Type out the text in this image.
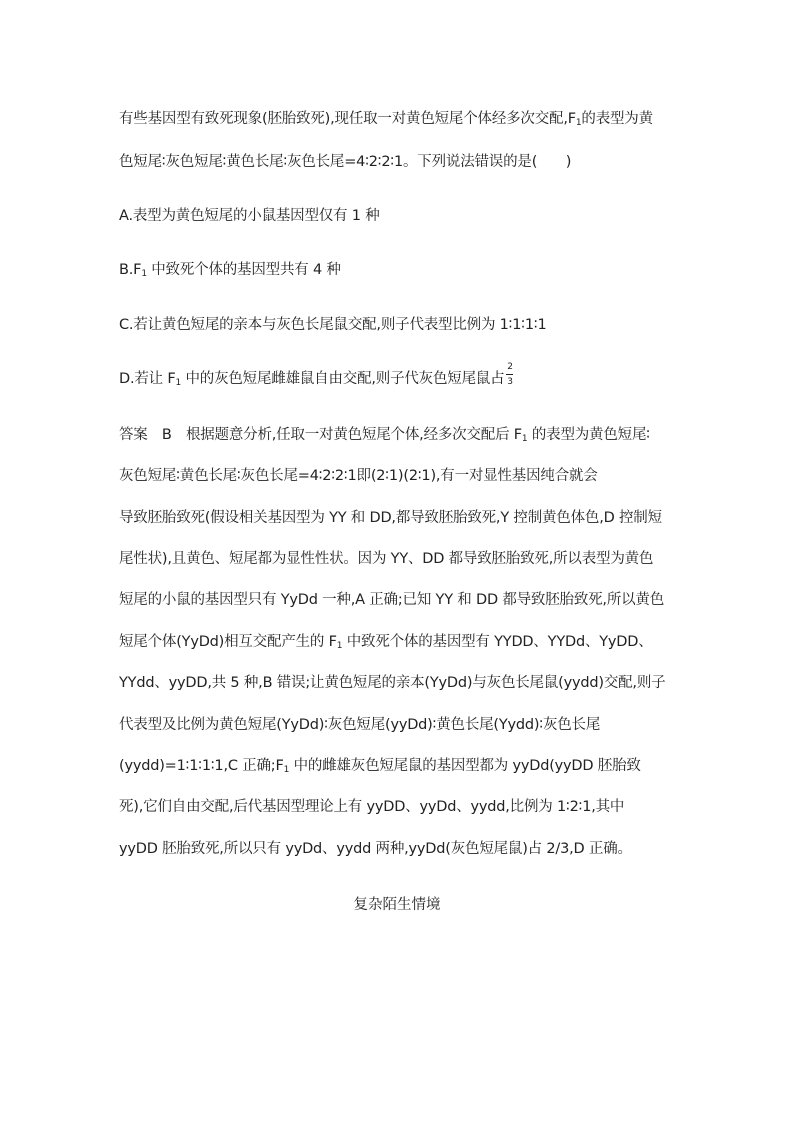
有些基因型有致死现象(胚胎致死),现任取一对黄色短尾个体经多次交配$,F_1$的表型为黄
色短尾∶灰色短尾∶黄色长尾∶灰色长尾=4∶2∶2∶1。下列说法错误的是(　　)
A.表型为黄色短尾的小鼠基因型仅有 1 种
$B.F_1$ 中致死个体的基因型共有 4 种
C.若让黄色短尾的亲本与灰色长尾鼠交配,则子代表型比例为 1∶1∶1∶1
D.若让 $F_1$ 中的灰色短尾雌雄鼠自由交配,则子代灰色短尾鼠占 $\frac{2}{3}$
答案　B　根据题意分析,任取一对黄色短尾个体,经多次交配后 $F_1$ 的表型为黄色短尾∶
灰色短尾∶黄色长尾∶灰色长尾=4∶2∶2∶1即(2∶1)(2∶1),有一对显性基因纯合就会
导致胚胎致死(假设相关基因型为 YY 和 DD,都导致胚胎致死,Y 控制黄色体色,D 控制短
尾性状),且黄色、短尾都为显性性状。因为 YY、DD 都导致胚胎致死,所以表型为黄色
短尾的小鼠的基因型只有 YyDd 一种,A 正确;已知 YY 和 DD 都导致胚胎致死,所以黄色
短尾个体(YyDd)相互交配产生的 $F_1$ 中致死个体的基因型有 YYDD、YYDd、YyDD、
YYdd、yyDD,共 5 种,B 错误;让黄色短尾的亲本(YyDd)与灰色长尾鼠(yydd)交配,则子
代表型及比例为黄色短尾(YyDd)∶灰色短尾(yyDd)∶黄色长尾(Yydd)∶灰色长尾
(yydd)=1∶1∶1∶1,C 正确$;F_1$ 中的雌雄灰色短尾鼠的基因型都为 yyDd(yyDD 胚胎致
死),它们自由交配,后代基因型理论上有 yyDD、yyDd、yydd,比例为 1∶2∶1,其中
yyDD 胚胎致死,所以只有 yyDd、yydd 两种,yyDd(灰色短尾鼠)占 2/3,D 正确。
复杂陌生情境
